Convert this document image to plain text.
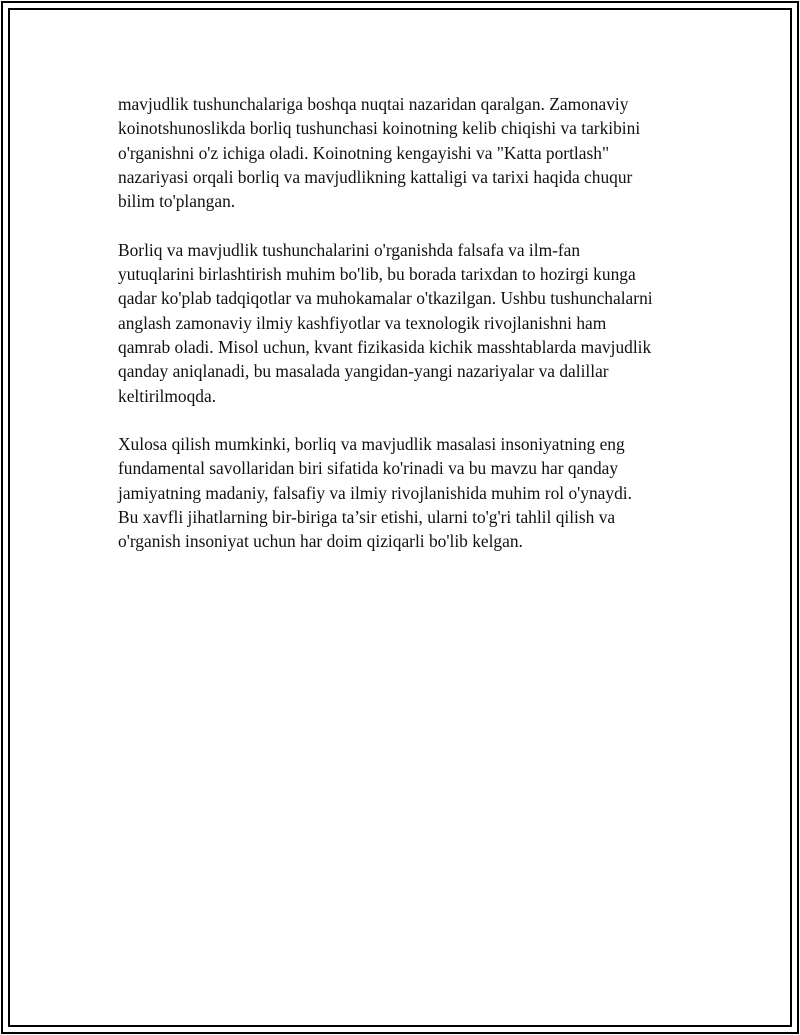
mavjudlik tushunchalariga boshqa nuqtai nazaridan qaralgan. Zamonaviy
koinotshunoslikda borliq tushunchasi koinotning kelib chiqishi va tarkibini
o'rganishni o'z ichiga oladi. Koinotning kengayishi va "Katta portlash"
nazariyasi orqali borliq va mavjudlikning kattaligi va tarixi haqida chuqur
bilim to'plangan.

Borliq va mavjudlik tushunchalarini o'rganishda falsafa va ilm-fan
yutuqlarini birlashtirish muhim bo'lib, bu borada tarixdan to hozirgi kunga
qadar ko'plab tadqiqotlar va muhokamalar o'tkazilgan. Ushbu tushunchalarni
anglash zamonaviy ilmiy kashfiyotlar va texnologik rivojlanishni ham
qamrab oladi. Misol uchun, kvant fizikasida kichik masshtablarda mavjudlik
qanday aniqlanadi, bu masalada yangidan-yangi nazariyalar va dalillar
keltirilmoqda.

Xulosa qilish mumkinki, borliq va mavjudlik masalasi insoniyatning eng
fundamental savollaridan biri sifatida ko'rinadi va bu mavzu har qanday
jamiyatning madaniy, falsafiy va ilmiy rivojlanishida muhim rol o'ynaydi.
Bu xavfli jihatlarning bir-biriga ta’sir etishi, ularni to'g'ri tahlil qilish va
o'rganish insoniyat uchun har doim qiziqarli bo'lib kelgan.
